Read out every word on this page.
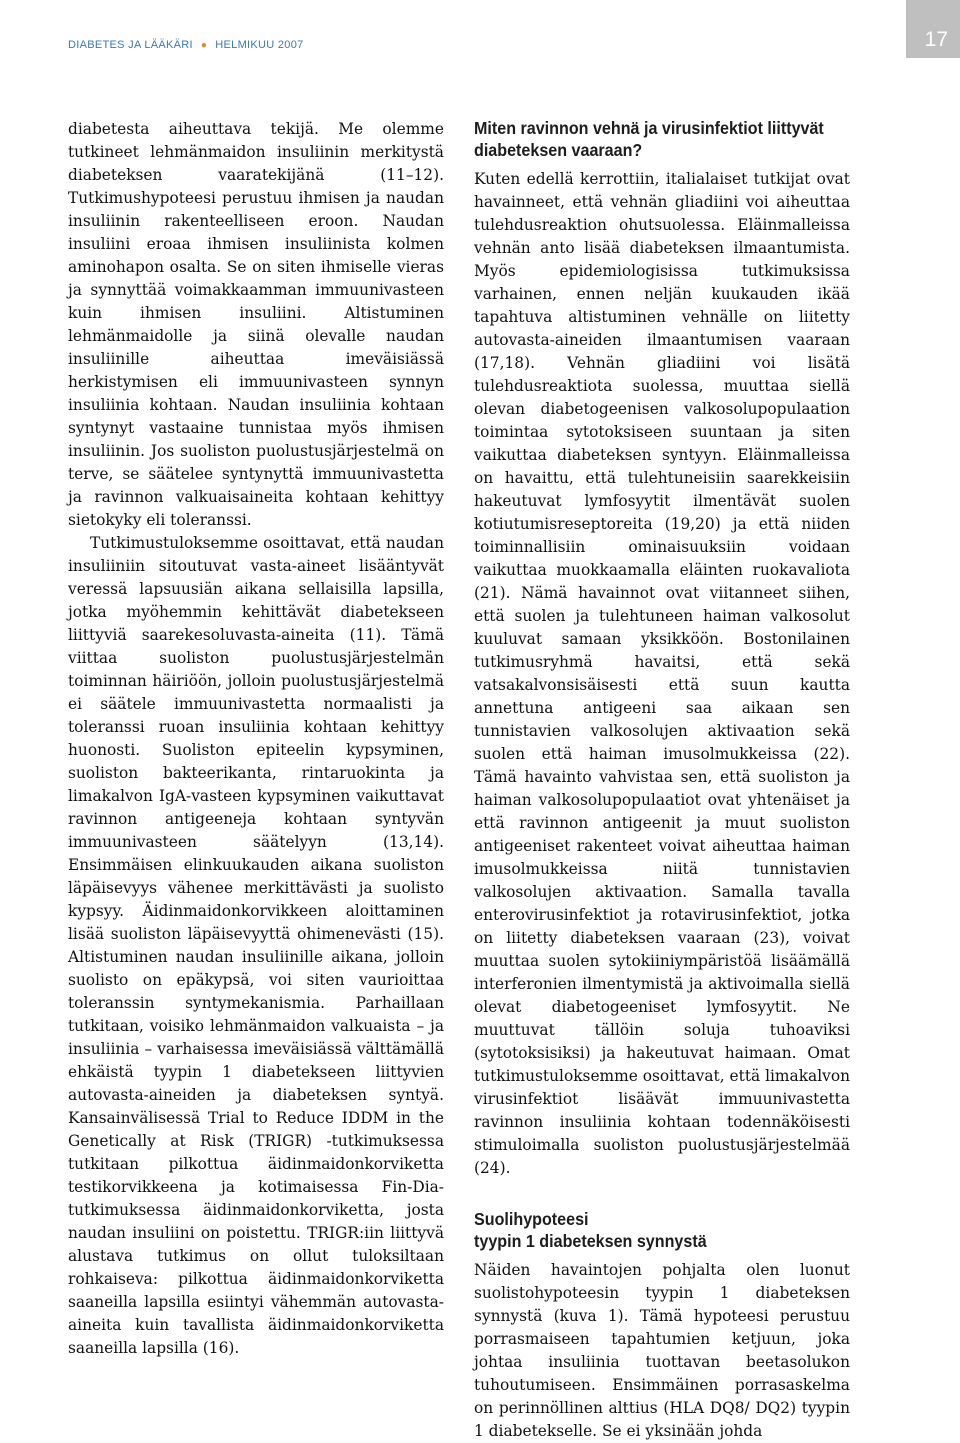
DIABETES JA LÄÄKÄRI ● HELMIKUU 2007	17

diabetesta aiheuttava tekijä. Me olemme tutkineet lehmänmaidon insuliinin merkitystä diabeteksen vaaratekijänä (11–12). Tutkimushypoteesi perustuu ihmisen ja naudan insuliinin rakenteelliseen eroon. Naudan insuliini eroaa ihmisen insuliinista kolmen aminohapon osalta. Se on siten ihmiselle vieras ja synnyttää voimakkaamman immuunivasteen kuin ihmisen insuliini. Altistuminen lehmänmaidolle ja siinä olevalle naudan insuliinille aiheuttaa imeväisiässä herkistymisen eli immuunivasteen synnyn insuliinia kohtaan. Naudan insuliinia kohtaan syntynyt vastaaine tunnistaa myös ihmisen insuliinin. Jos suoliston puolustusjärjestelmä on terve, se säätelee syntynyttä immuunivastetta ja ravinnon valkuaisaineita kohtaan kehittyy sietokyky eli toleranssi.

Tutkimustuloksemme osoittavat, että naudan insuliiniin sitoutuvat vasta-aineet lisääntyvät veressä lapsuusiän aikana sellaisilla lapsilla, jotka myöhemmin kehittävät diabetekseen liittyviä saarekesoluvasta-aineita (11). Tämä viittaa suoliston puolustusjärjestelmän toiminnan häiriöön, jolloin puolustusjärjestelmä ei säätele immuunivastetta normaalisti ja toleranssi ruoan insuliinia kohtaan kehittyy huonosti. Suoliston epiteelin kypsyminen, suoliston bakteerikanta, rintaruokinta ja limakalvon IgA-vasteen kypsyminen vaikuttavat ravinnon antigeeneja kohtaan syntyvän immuunivasteen säätelyyn (13,14). Ensimmäisen elinkuukauden aikana suoliston läpäisevyys vähenee merkittävästi ja suolisto kypsyy. Äidinmaidonkorvikkeen aloittaminen lisää suoliston läpäisevyyttä ohimenevästi (15). Altistuminen naudan insuliinille aikana, jolloin suolisto on epäkypsä, voi siten vaurioittaa toleranssin syntymekanismia. Parhaillaan tutkitaan, voisiko lehmänmaidon valkuaista – ja insuliinia – varhaisessa imeväisiässä välttämällä ehkäistä tyypin 1 diabetekseen liittyvien autovasta-aineiden ja diabeteksen syntyä. Kansainvälisessä Trial to Reduce IDDM in the Genetically at Risk (TRIGR) -tutkimuksessa tutkitaan pilkottua äidinmaidonkorviketta testikorvikkeena ja kotimaisessa Fin-Dia-tutkimuksessa äidinmaidonkorviketta, josta naudan insuliini on poistettu. TRIGR:iin liittyvä alustava tutkimus on ollut tuloksiltaan rohkaiseva: pilkottua äidinmaidonkorviketta saaneilla lapsilla esiintyi vähemmän autovasta-aineita kuin tavallista äidinmaidonkorviketta saaneilla lapsilla (16).

Miten ravinnon vehnä ja virusinfektiot liittyvät diabeteksen vaaraan?

Kuten edellä kerrottiin, italialaiset tutkijat ovat havainneet, että vehnän gliadiini voi aiheuttaa tulehdusreaktion ohutsuolessa. Eläinmalleissa vehnän anto lisää diabeteksen ilmaantumista. Myös epidemiologisissa tutkimuksissa varhainen, ennen neljän kuukauden ikää tapahtuva altistuminen vehnälle on liitetty autovasta-aineiden ilmaantumisen vaaraan (17,18). Vehnän gliadiini voi lisätä tulehdusreaktiota suolessa, muuttaa siellä olevan diabetogeenisen valkosolupopulaation toimintaa sytotoksiseen suuntaan ja siten vaikuttaa diabeteksen syntyyn. Eläinmalleissa on havaittu, että tulehtuneisiin saarekkeisiin hakeutuvat lymfosyytit ilmentävät suolen kotiutumisreseptoreita (19,20) ja että niiden toiminnallisiin ominaisuuksiin voidaan vaikuttaa muokkaamalla eläinten ruokavaliota (21). Nämä havainnot ovat viitanneet siihen, että suolen ja tulehtuneen haiman valkosolut kuuluvat samaan yksikköön. Bostonilainen tutkimusryhmä havaitsi, että sekä vatsakalvonsisäisesti että suun kautta annettuna antigeeni saa aikaan sen tunnistavien valkosolujen aktivaation sekä suolen että haiman imusolmukkeissa (22). Tämä havainto vahvistaa sen, että suoliston ja haiman valkosolupopulaatiot ovat yhtenäiset ja että ravinnon antigeenit ja muut suoliston antigeeniset rakenteet voivat aiheuttaa haiman imusolmukkeissa niitä tunnistavien valkosolujen aktivaation. Samalla tavalla enterovirusinfektiot ja rotavirusinfektiot, jotka on liitetty diabeteksen vaaraan (23), voivat muuttaa suolen sytokiiniympäristöä lisäämällä interferonien ilmentymistä ja aktivoimalla siellä olevat diabetogeeniset lymfosyytit. Ne muuttuvat tällöin soluja tuhoaviksi (sytotoksisiksi) ja hakeutuvat haimaan. Omat tutkimustuloksemme osoittavat, että limakalvon virusinfektiot lisäävät immuunivastetta ravinnon insuliinia kohtaan todennäköisesti stimuloimalla suoliston puolustusjärjestelmää (24).

Suolihypoteesi
tyypin 1 diabeteksen synnystä

Näiden havaintojen pohjalta olen luonut suolistohypoteesin tyypin 1 diabeteksen synnystä (kuva 1). Tämä hypoteesi perustuu porrasmaiseen tapahtumien ketjuun, joka johtaa insuliinia tuottavan beetasolukon tuhoutumiseen. Ensimmäinen porrasaskelma on perinnöllinen alttius (HLA DQ8/ DQ2) tyypin 1 diabetekselle. Se ei yksinään johda
